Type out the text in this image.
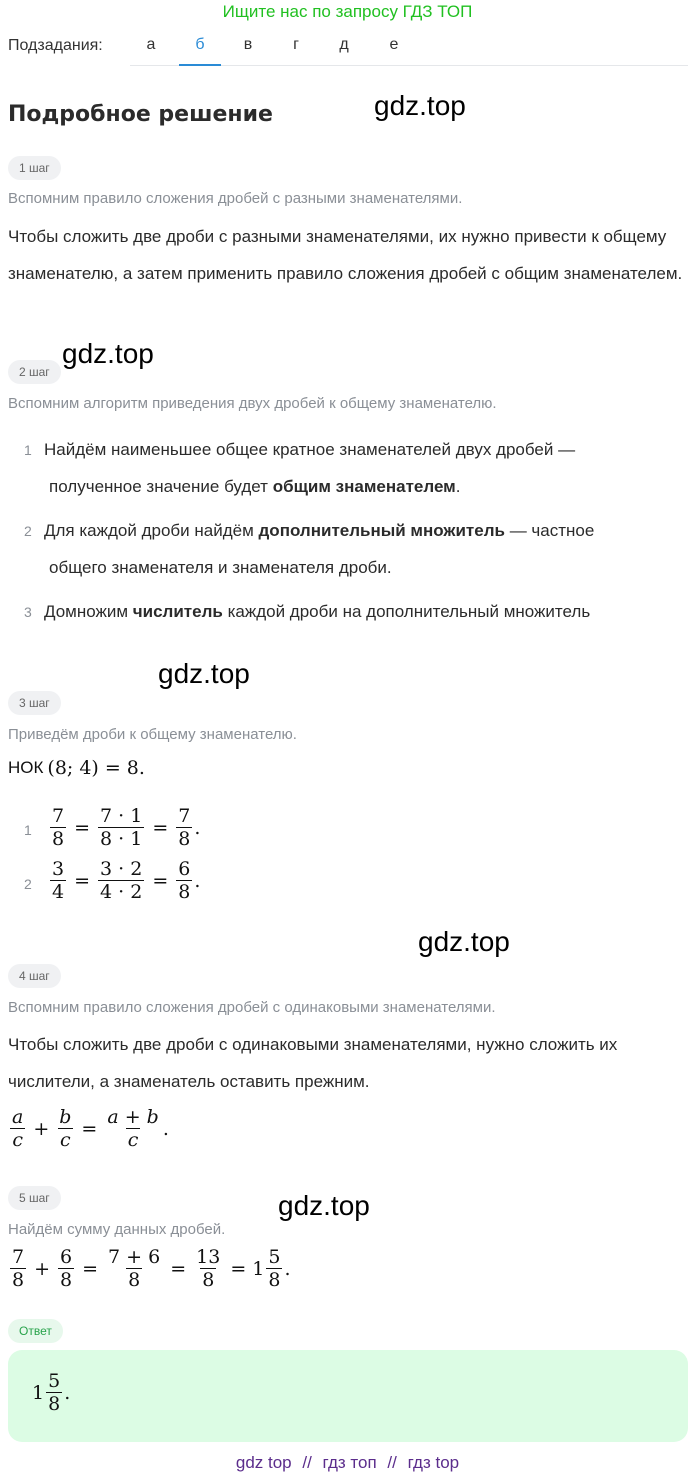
Ищите нас по запросу ГДЗ ТОП
Подзадания:	а	б	в	г	д	е
Подробное решение	gdz.top
gdz.top
gdz.top
gdz.top
gdz.top
1 шаг
Вспомним правило сложения дробей с разными знаменателями.
Чтобы сложить две дроби с разными знаменателями, их нужно привести к общему знаменателю, а затем применить правило сложения дробей с общим знаменателем.
2 шаг
Вспомним алгоритм приведения двух дробей к общему знаменателю.
1 Найдём наименьшее общее кратное знаменателей двух дробей —
полученное значение будет общим знаменателем.
2 Для каждой дроби найдём дополнительный множитель — частное
общего знаменателя и знаменателя дроби.
3 Домножим числитель каждой дроби на дополнительный множитель
3 шаг
Приведём дроби к общему знаменателю.
НОК (8; 4) = 8 .
$1 \frac{7}{8} = \frac{7 \cdot 1}{8 \cdot 1} = \frac{7}{8}$ .
$2 \frac{3}{4} = \frac{3 \cdot 2}{4 \cdot 2} = \frac{6}{8}$ .
4 шаг
Вспомним правило сложения дробей с одинаковыми знаменателями.
Чтобы сложить две дроби с одинаковыми знаменателями, нужно сложить их числители, а знаменатель оставить прежним.
$\frac{a}{c} + \frac{b}{c} = \frac{a + b}{c}$ .
5 шаг
Найдём сумму данных дробей.
$\frac{7}{8} + \frac{6}{8} = \frac{7 + 6}{8} = \frac{13}{8} = 1 \frac{5}{8}$ .
Ответ
$1 \frac{5}{8}$ .
gdz top // гдз топ // гдз top
